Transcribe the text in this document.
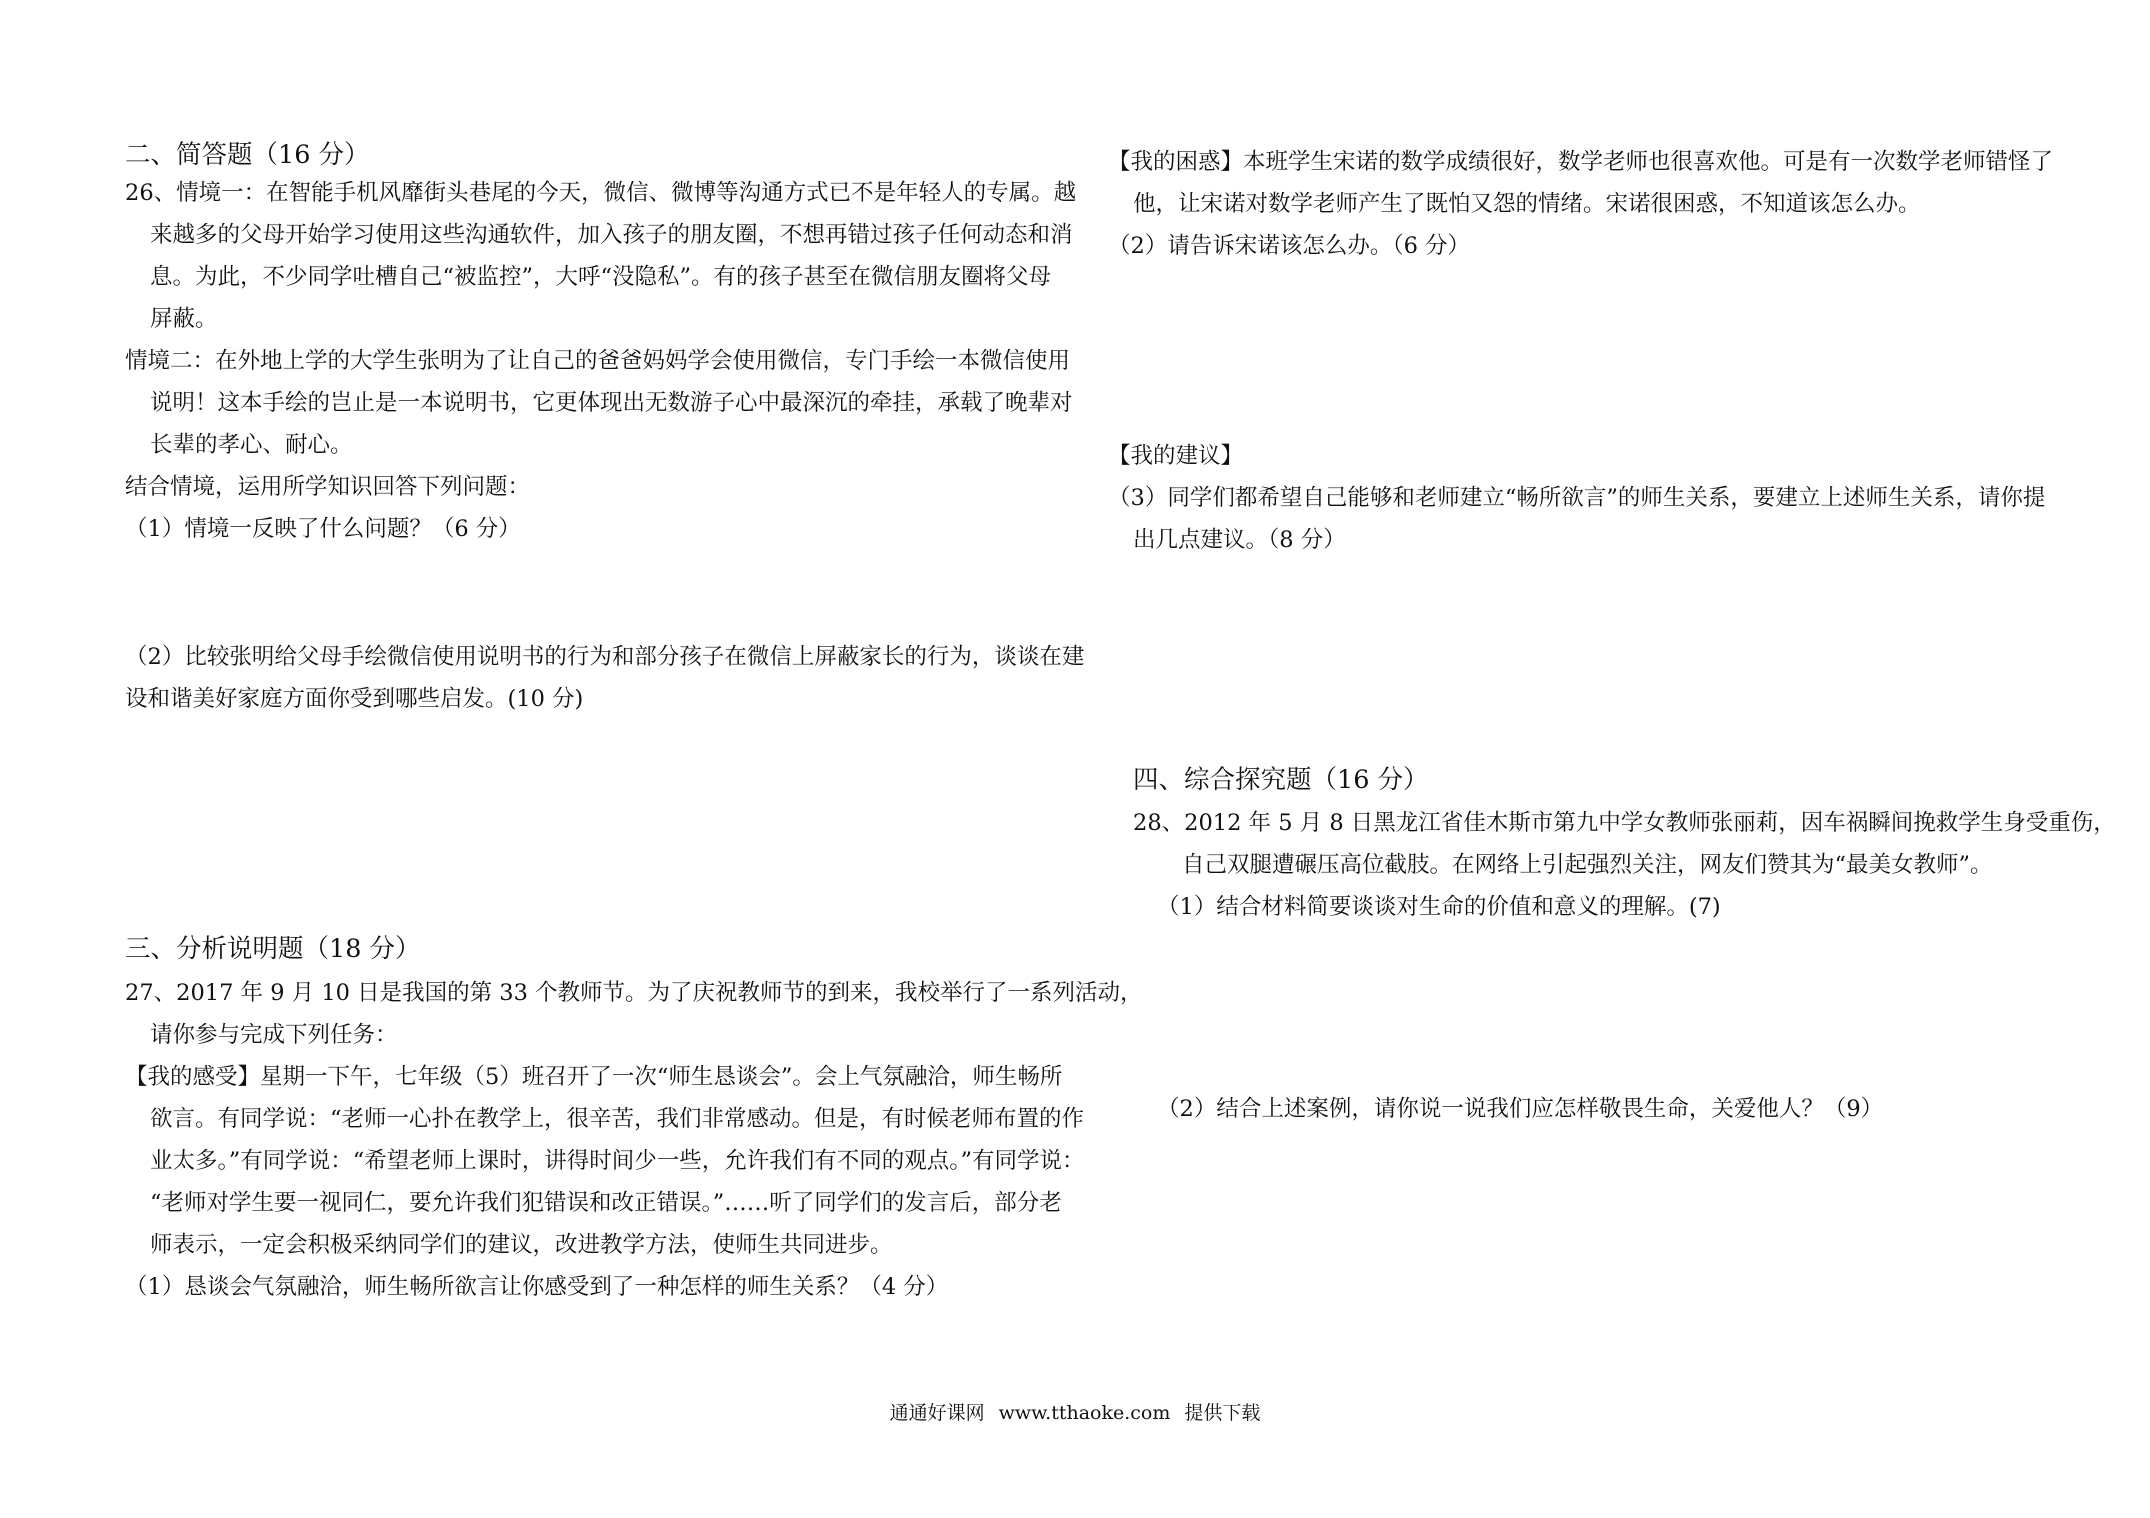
二、简答题（16 分）
26、情境一：在智能手机风靡街头巷尾的今天，微信、微博等沟通方式已不是年轻人的专属。越
来越多的父母开始学习使用这些沟通软件，加入孩子的朋友圈，不想再错过孩子任何动态和消
息。为此，不少同学吐槽自己“被监控”，大呼“没隐私”。有的孩子甚至在微信朋友圈将父母
屏蔽。
情境二：在外地上学的大学生张明为了让自己的爸爸妈妈学会使用微信，专门手绘一本微信使用
说明！这本手绘的岂止是一本说明书，它更体现出无数游子心中最深沉的牵挂，承载了晚辈对
长辈的孝心、耐心。
结合情境，运用所学知识回答下列问题：
（1）情境一反映了什么问题？（6 分）
（2）比较张明给父母手绘微信使用说明书的行为和部分孩子在微信上屏蔽家长的行为，谈谈在建
设和谐美好家庭方面你受到哪些启发。(10 分)
三、分析说明题（18 分）
27、2017 年 9 月 10 日是我国的第 33 个教师节。为了庆祝教师节的到来，我校举行了一系列活动，
请你参与完成下列任务：
【我的感受】星期一下午，七年级（5）班召开了一次“师生恳谈会”。会上气氛融洽，师生畅所
欲言。有同学说：“老师一心扑在教学上，很辛苦，我们非常感动。但是，有时候老师布置的作
业太多。”有同学说：“希望老师上课时，讲得时间少一些，允许我们有不同的观点。”有同学说：
“老师对学生要一视同仁，要允许我们犯错误和改正错误。”……听了同学们的发言后，部分老
师表示，一定会积极采纳同学们的建议，改进教学方法，使师生共同进步。
（1）恳谈会气氛融洽，师生畅所欲言让你感受到了一种怎样的师生关系？（4 分）
【我的困惑】本班学生宋诺的数学成绩很好，数学老师也很喜欢他。可是有一次数学老师错怪了
他，让宋诺对数学老师产生了既怕又怨的情绪。宋诺很困惑，不知道该怎么办。
（2）请告诉宋诺该怎么办。（6 分）
【我的建议】
（3）同学们都希望自己能够和老师建立“畅所欲言”的师生关系，要建立上述师生关系，请你提
出几点建议。（8 分）
四、综合探究题（16 分）
28、2012 年 5 月 8 日黑龙江省佳木斯市第九中学女教师张丽莉，因车祸瞬间挽救学生身受重伤，
自己双腿遭碾压高位截肢。在网络上引起强烈关注，网友们赞其为“最美女教师”。
（1）结合材料简要谈谈对生命的价值和意义的理解。(7)
（2）结合上述案例，请你说一说我们应怎样敬畏生命，关爱他人？（9）
通通好课网 www.tthaoke.com 提供下载
